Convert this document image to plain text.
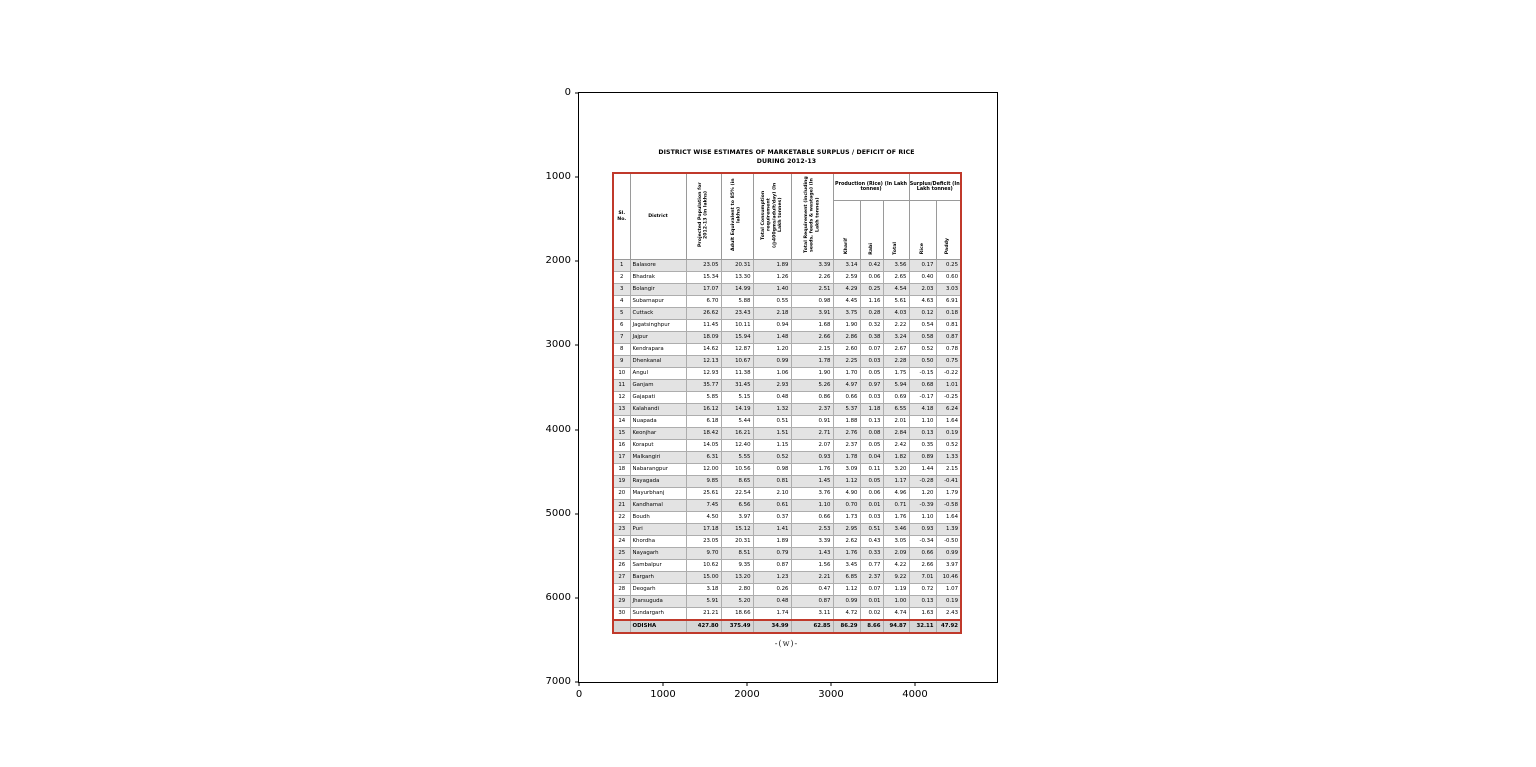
DISTRICT WISE ESTIMATES OF MARKETABLE SURPLUS / DEFICIT OF RICE
DURING 2012-13
Sl. No.	District	Projected Population for 2012-13 (in lakhs)	Adult Equivalent to 85% (in lakhs)	Total Consumption requirement (@400gms/adult/day) (In Lakh tonnes)	Total Requirement (including seeds, feeds & wastage) (In Lakh tonnes)	Production (Rice) (In Lakh tonnes)			Surplus/Deficit (In Lakh tonnes)	
						Kharif	Rabi	Total	Rice	Paddy
1	Balasore	23.05	20.31	1.89	3.39	3.14	0.42	3.56	0.17	0.25
2	Bhadrak	15.34	13.30	1.26	2.26	2.59	0.06	2.65	0.40	0.60
3	Bolangir	17.07	14.99	1.40	2.51	4.29	0.25	4.54	2.03	3.03
4	Subarnapur	6.70	5.88	0.55	0.98	4.45	1.16	5.61	4.63	6.91
5	Cuttack	26.62	23.43	2.18	3.91	3.75	0.28	4.03	0.12	0.18
6	Jagatsinghpur	11.45	10.11	0.94	1.68	1.90	0.32	2.22	0.54	0.81
7	Jajpur	18.09	15.94	1.48	2.66	2.86	0.38	3.24	0.58	0.87
8	Kendrapara	14.62	12.87	1.20	2.15	2.60	0.07	2.67	0.52	0.78
9	Dhenkanal	12.13	10.67	0.99	1.78	2.25	0.03	2.28	0.50	0.75
10	Angul	12.93	11.38	1.06	1.90	1.70	0.05	1.75	-0.15	-0.22
11	Ganjam	35.77	31.45	2.93	5.26	4.97	0.97	5.94	0.68	1.01
12	Gajapati	5.85	5.15	0.48	0.86	0.66	0.03	0.69	-0.17	-0.25
13	Kalahandi	16.12	14.19	1.32	2.37	5.37	1.18	6.55	4.18	6.24
14	Nuapada	6.18	5.44	0.51	0.91	1.88	0.13	2.01	1.10	1.64
15	Keonjhar	18.42	16.21	1.51	2.71	2.76	0.08	2.84	0.13	0.19
16	Koraput	14.05	12.40	1.15	2.07	2.37	0.05	2.42	0.35	0.52
17	Malkangiri	6.31	5.55	0.52	0.93	1.78	0.04	1.82	0.89	1.33
18	Nabarangpur	12.00	10.56	0.98	1.76	3.09	0.11	3.20	1.44	2.15
19	Rayagada	9.85	8.65	0.81	1.45	1.12	0.05	1.17	-0.28	-0.41
20	Mayurbhanj	25.61	22.54	2.10	3.76	4.90	0.06	4.96	1.20	1.79
21	Kandhamal	7.45	6.56	0.61	1.10	0.70	0.01	0.71	-0.39	-0.58
22	Boudh	4.50	3.97	0.37	0.66	1.73	0.03	1.76	1.10	1.64
23	Puri	17.18	15.12	1.41	2.53	2.95	0.51	3.46	0.93	1.39
24	Khordha	23.05	20.31	1.89	3.39	2.62	0.43	3.05	-0.34	-0.50
25	Nayagarh	9.70	8.51	0.79	1.43	1.76	0.33	2.09	0.66	0.99
26	Sambalpur	10.62	9.35	0.87	1.56	3.45	0.77	4.22	2.66	3.97
27	Bargarh	15.00	13.20	1.23	2.21	6.85	2.37	9.22	7.01	10.46
28	Deogarh	3.18	2.80	0.26	0.47	1.12	0.07	1.19	0.72	1.07
29	Jharsuguda	5.91	5.20	0.48	0.87	0.99	0.01	1.00	0.13	0.19
30	Sundargarh	21.21	18.66	1.74	3.11	4.72	0.02	4.74	1.63	2.43
	ODISHA	427.80	375.49	34.99	62.85	86.29	8.66	94.87	32.11	47.92
-(w)-
0
1000
2000
3000
4000
5000
6000
7000
0	1000	2000	3000	4000
